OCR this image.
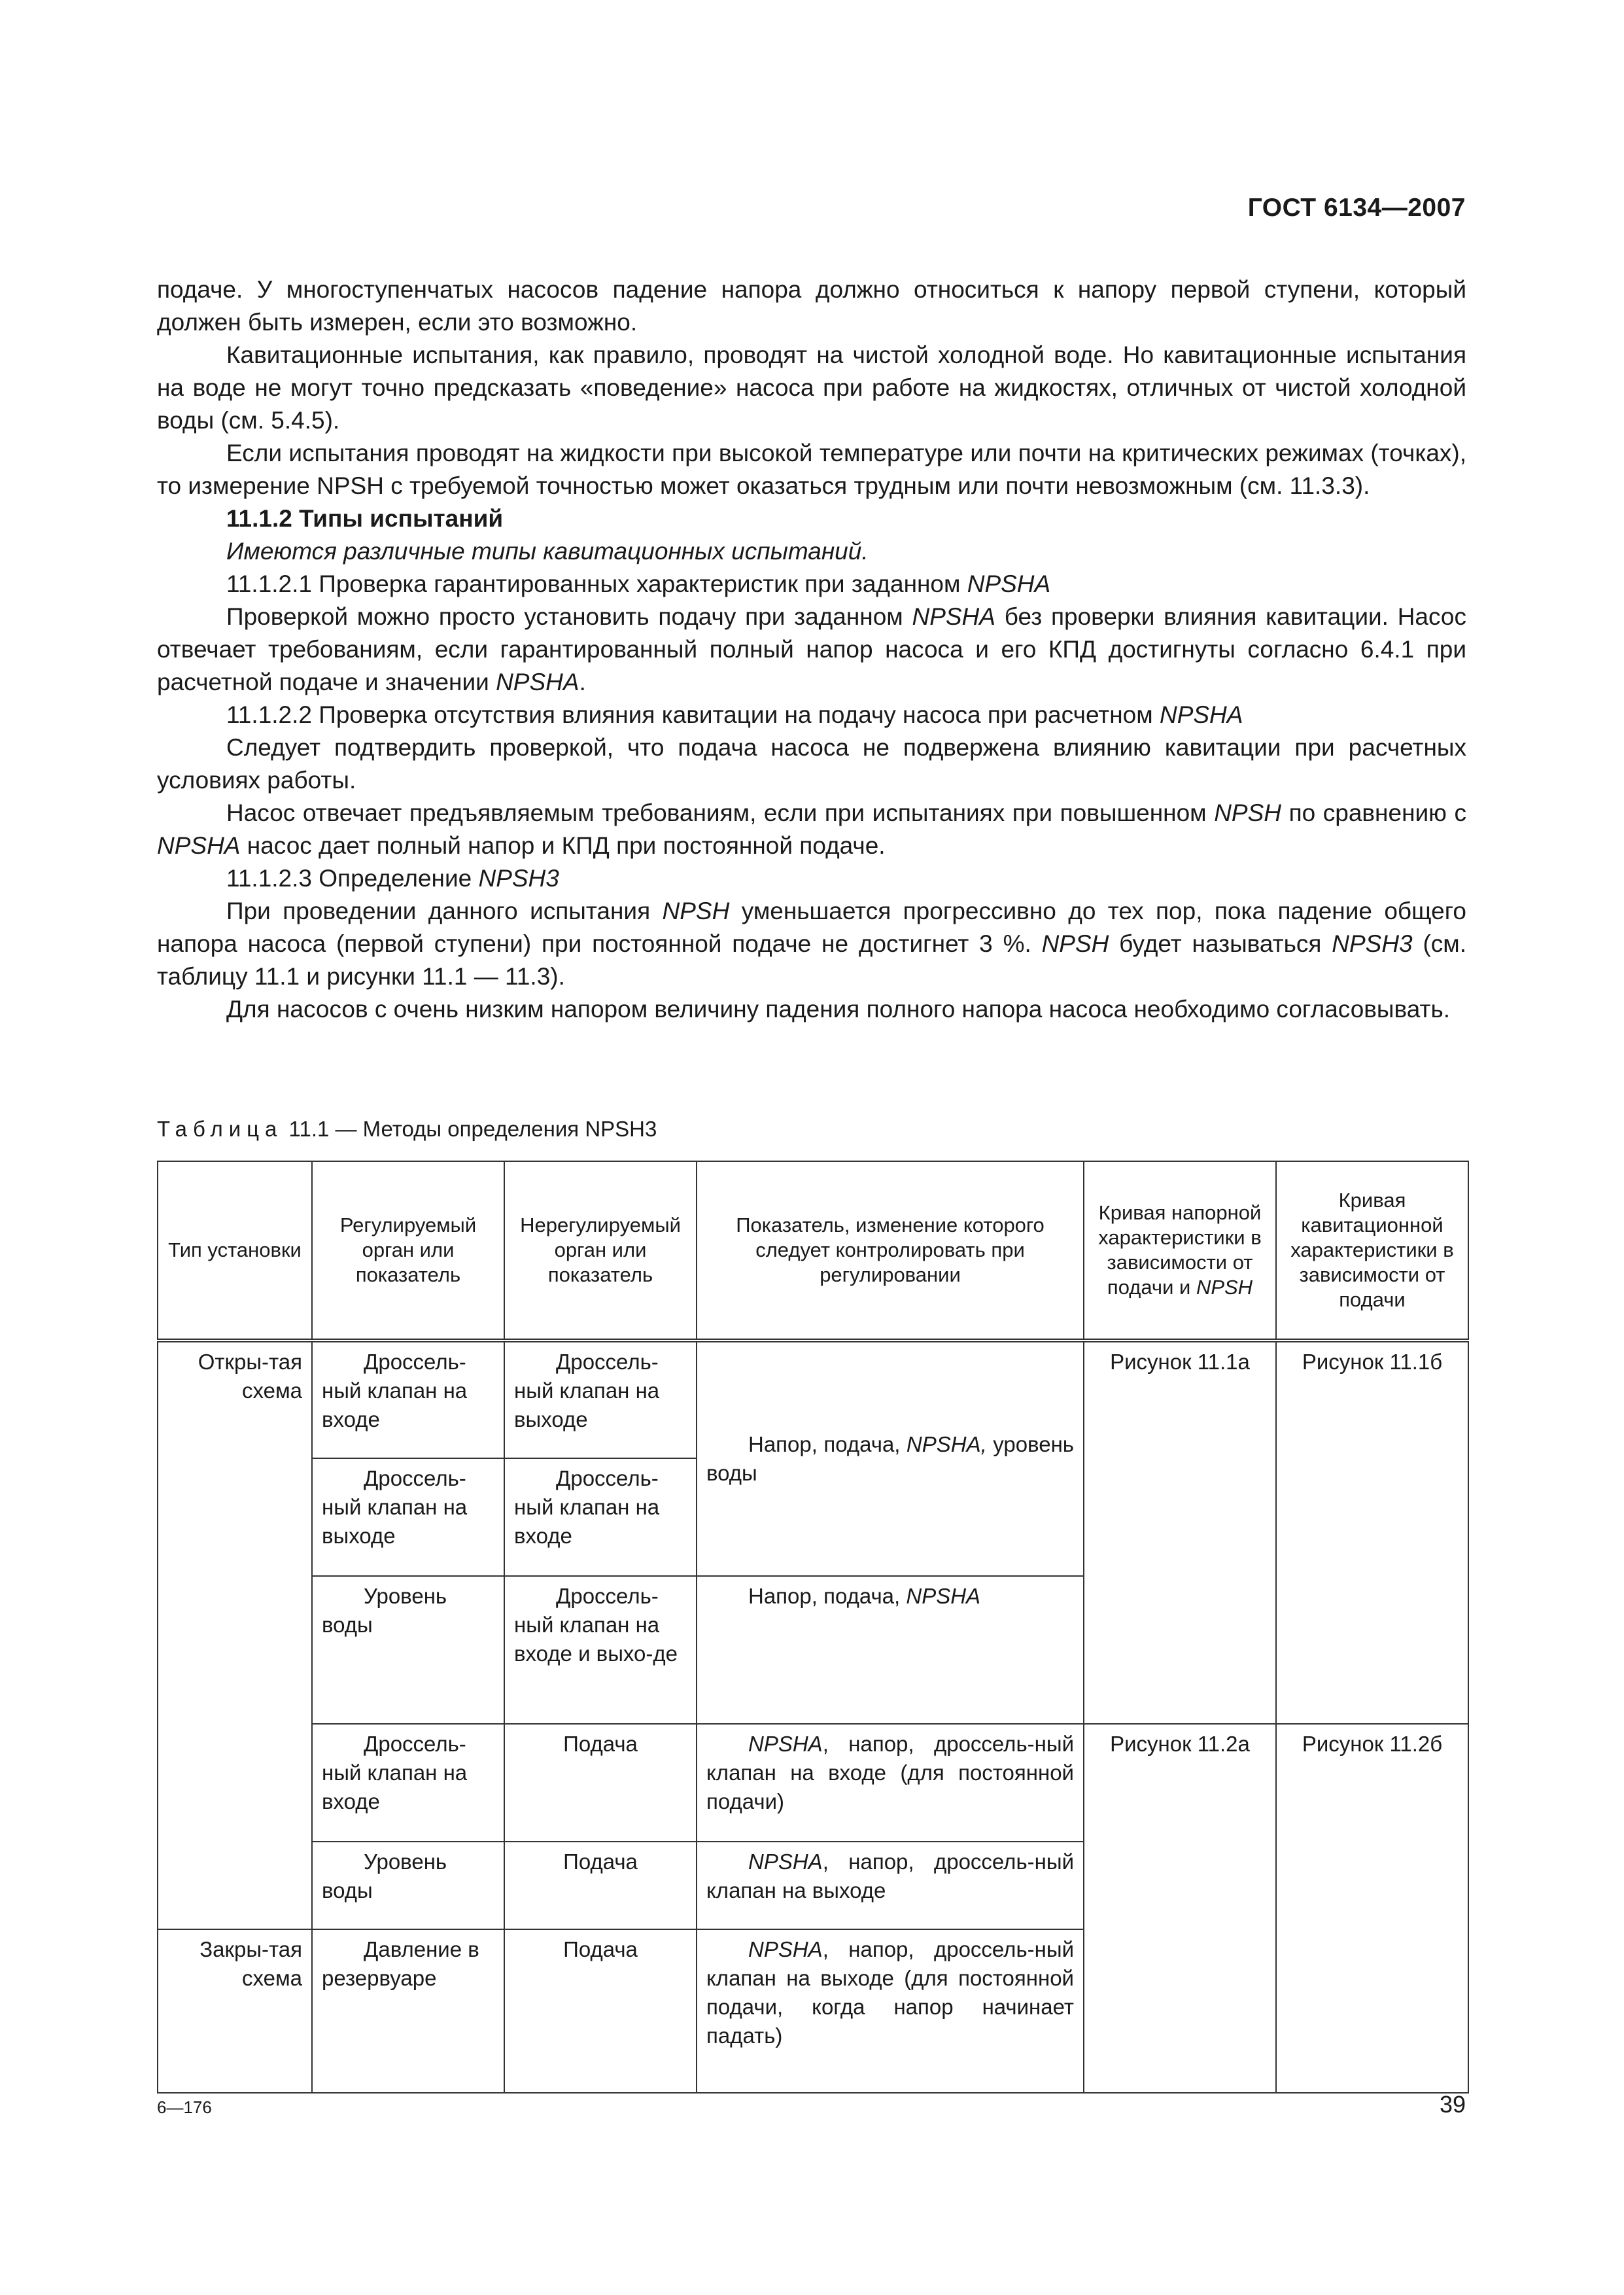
ГОСТ 6134—2007

подаче. У многоступенчатых насосов падение напора должно относиться к напору первой ступени, который должен быть измерен, если это возможно.

Кавитационные испытания, как правило, проводят на чистой холодной воде. Но кавитационные испытания на воде не могут точно предсказать «поведение» насоса при работе на жидкостях, отличных от чистой холодной воды (см. 5.4.5).

Если испытания проводят на жидкости при высокой температуре или почти на критических режимах (точках), то измерение NPSH с требуемой точностью может оказаться трудным или почти невозможным (см. 11.3.3).

11.1.2 Типы испытаний

Имеются различные типы кавитационных испытаний.

11.1.2.1 Проверка гарантированных характеристик при заданном NPSHA

Проверкой можно просто установить подачу при заданном NPSHA без проверки влияния кавитации. Насос отвечает требованиям, если гарантированный полный напор насоса и его КПД достигнуты согласно 6.4.1 при расчетной подаче и значении NPSHA.

11.1.2.2 Проверка отсутствия влияния кавитации на подачу насоса при расчетном NPSHA

Следует подтвердить проверкой, что подача насоса не подвержена влиянию кавитации при расчетных условиях работы.

Насос отвечает предъявляемым требованиям, если при испытаниях при повышенном NPSH по сравнению с NPSHA насос дает полный напор и КПД при постоянной подаче.

11.1.2.3 Определение NPSH3

При проведении данного испытания NPSH уменьшается прогрессивно до тех пор, пока падение общего напора насоса (первой ступени) при постоянной подаче не достигнет 3 %. NPSH будет называться NPSH3 (см. таблицу 11.1 и рисунки 11.1 — 11.3).

Для насосов с очень низким напором величину падения полного напора насоса необходимо согласовывать.

Таблица 11.1 — Методы определения NPSH3
Тип установки	Регулируемый орган или показатель	Нерегулируемый орган или показатель	Показатель, изменение которого следует контролировать при регулировании	Кривая напорной характеристики в зависимости от подачи и NPSH	Кривая кавитационной характеристики в зависимости от подачи
Откры-тая схема	Дроссель-ный клапан на входе	Дроссель-ный клапан на выходе	Напор, подача, NPSHA, уровень воды	Рисунок 11.1а	Рисунок 11.1б
	Дроссель-ный клапан на выходе	Дроссель-ный клапан на входе			
	Уровень воды	Дроссель-ный клапан на входе и выхо-де	Напор, подача, NPSHA		
	Дроссель-ный клапан на входе	Подача	NPSHA, напор, дроссель-ный клапан на входе (для постоянной подачи)	Рисунок 11.2а	Рисунок 11.2б
	Уровень воды	Подача	NPSHA, напор, дроссель-ный клапан на выходе		
Закры-тая схема	Давление в резервуаре	Подача	NPSHA, напор, дроссель-ный клапан на выходе (для постоянной подачи, когда напор начинает падать)		
6—176	39
